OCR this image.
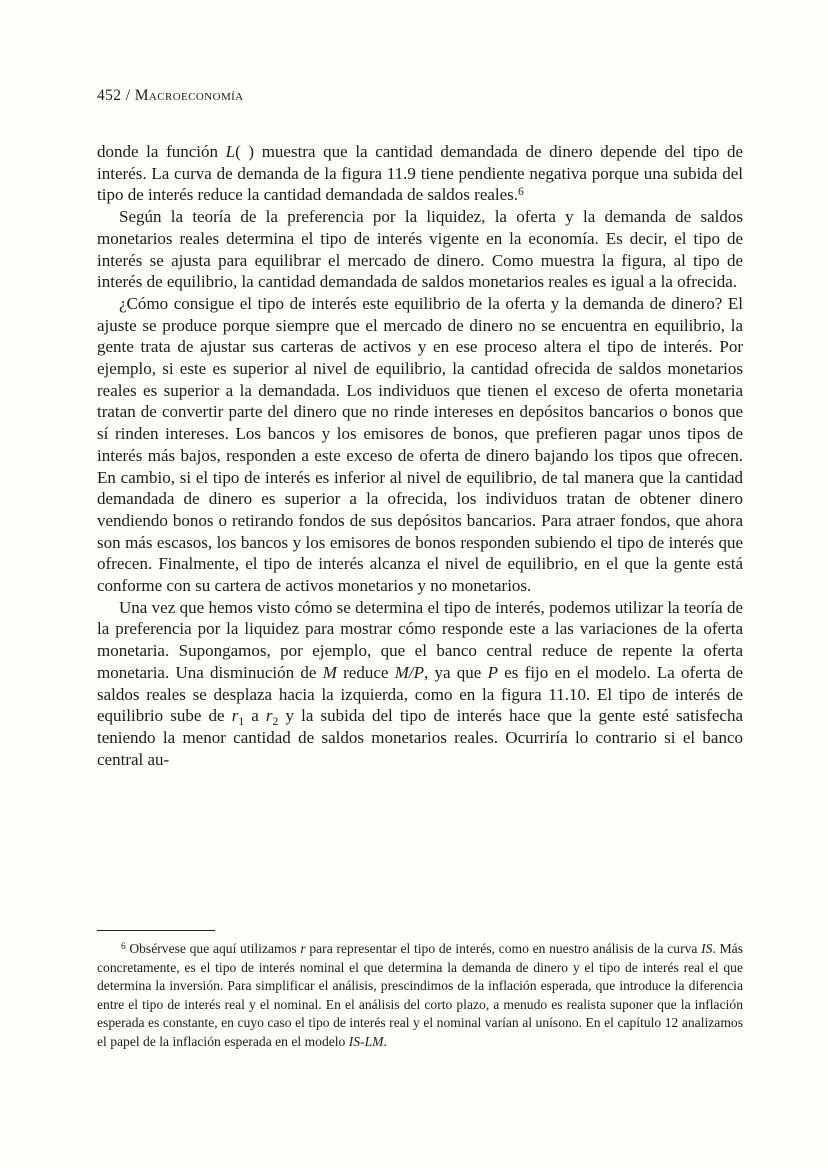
452 / Macroeconomía

donde la función L( ) muestra que la cantidad demandada de dinero depende del tipo de interés. La curva de demanda de la figura 11.9 tiene pendiente negativa porque una subida del tipo de interés reduce la cantidad demandada de saldos reales.$^6$

Según la teoría de la preferencia por la liquidez, la oferta y la demanda de saldos monetarios reales determina el tipo de interés vigente en la economía. Es decir, el tipo de interés se ajusta para equilibrar el mercado de dinero. Como muestra la figura, al tipo de interés de equilibrio, la cantidad demandada de saldos monetarios reales es igual a la ofrecida.

¿Cómo consigue el tipo de interés este equilibrio de la oferta y la demanda de dinero? El ajuste se produce porque siempre que el mercado de dinero no se encuentra en equilibrio, la gente trata de ajustar sus carteras de activos y en ese proceso altera el tipo de interés. Por ejemplo, si este es superior al nivel de equilibrio, la cantidad ofrecida de saldos monetarios reales es superior a la demandada. Los individuos que tienen el exceso de oferta monetaria tratan de convertir parte del dinero que no rinde intereses en depósitos bancarios o bonos que sí rinden intereses. Los bancos y los emisores de bonos, que prefieren pagar unos tipos de interés más bajos, responden a este exceso de oferta de dinero bajando los tipos que ofrecen. En cambio, si el tipo de interés es inferior al nivel de equilibrio, de tal manera que la cantidad demandada de dinero es superior a la ofrecida, los individuos tratan de obtener dinero vendiendo bonos o retirando fondos de sus depósitos bancarios. Para atraer fondos, que ahora son más escasos, los bancos y los emisores de bonos responden subiendo el tipo de interés que ofrecen. Finalmente, el tipo de interés alcanza el nivel de equilibrio, en el que la gente está conforme con su cartera de activos monetarios y no monetarios.

Una vez que hemos visto cómo se determina el tipo de interés, podemos utilizar la teoría de la preferencia por la liquidez para mostrar cómo responde este a las variaciones de la oferta monetaria. Supongamos, por ejemplo, que el banco central reduce de repente la oferta monetaria. Una disminución de M reduce M/P, ya que P es fijo en el modelo. La oferta de saldos reales se desplaza hacia la izquierda, como en la figura 11.10. El tipo de interés de equilibrio sube de $r_1$ a $r_2$ y la subida del tipo de interés hace que la gente esté satisfecha teniendo la menor cantidad de saldos monetarios reales. Ocurriría lo contrario si el banco central au-

$^6$ Obsérvese que aquí utilizamos r para representar el tipo de interés, como en nuestro análisis de la curva IS. Más concretamente, es el tipo de interés nominal el que determina la demanda de dinero y el tipo de interés real el que determina la inversión. Para simplificar el análisis, prescindimos de la inflación esperada, que introduce la diferencia entre el tipo de interés real y el nominal. En el análisis del corto plazo, a menudo es realista suponer que la inflación esperada es constante, en cuyo caso el tipo de interés real y el nominal varían al unísono. En el capítulo 12 analizamos el papel de la inflación esperada en el modelo IS-LM.
